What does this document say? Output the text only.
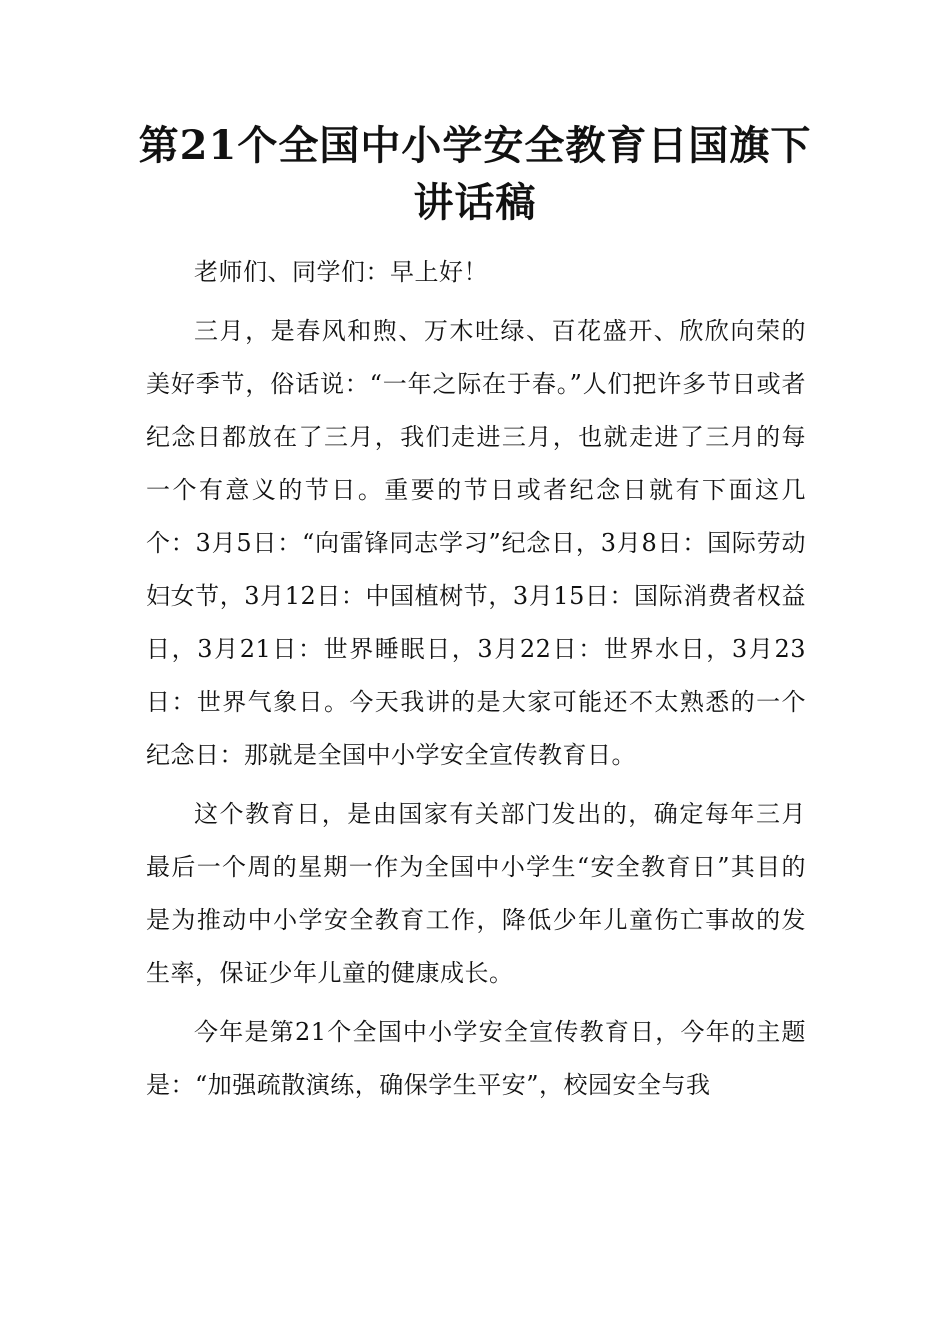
第21个全国中小学安全教育日国旗下
讲话稿

老师们、同学们：早上好！

三月，是春风和煦、万木吐绿、百花盛开、欣欣向荣的美好季节，俗话说：“一年之际在于春。”人们把许多节日或者纪念日都放在了三月，我们走进三月，也就走进了三月的每一个有意义的节日。重要的节日或者纪念日就有下面这几个：3月5日：“向雷锋同志学习”纪念日，3月8日：国际劳动妇女节，3月12日：中国植树节，3月15日：国际消费者权益日，3月21日：世界睡眠日，3月22日：世界水日，3月23日：世界气象日。今天我讲的是大家可能还不太熟悉的一个纪念日：那就是全国中小学安全宣传教育日。

这个教育日，是由国家有关部门发出的，确定每年三月最后一个周的星期一作为全国中小学生“安全教育日”其目的是为推动中小学安全教育工作，降低少年儿童伤亡事故的发生率，保证少年儿童的健康成长。

今年是第21个全国中小学安全宣传教育日，今年的主题是：“加强疏散演练，确保学生平安”，校园安全与我
